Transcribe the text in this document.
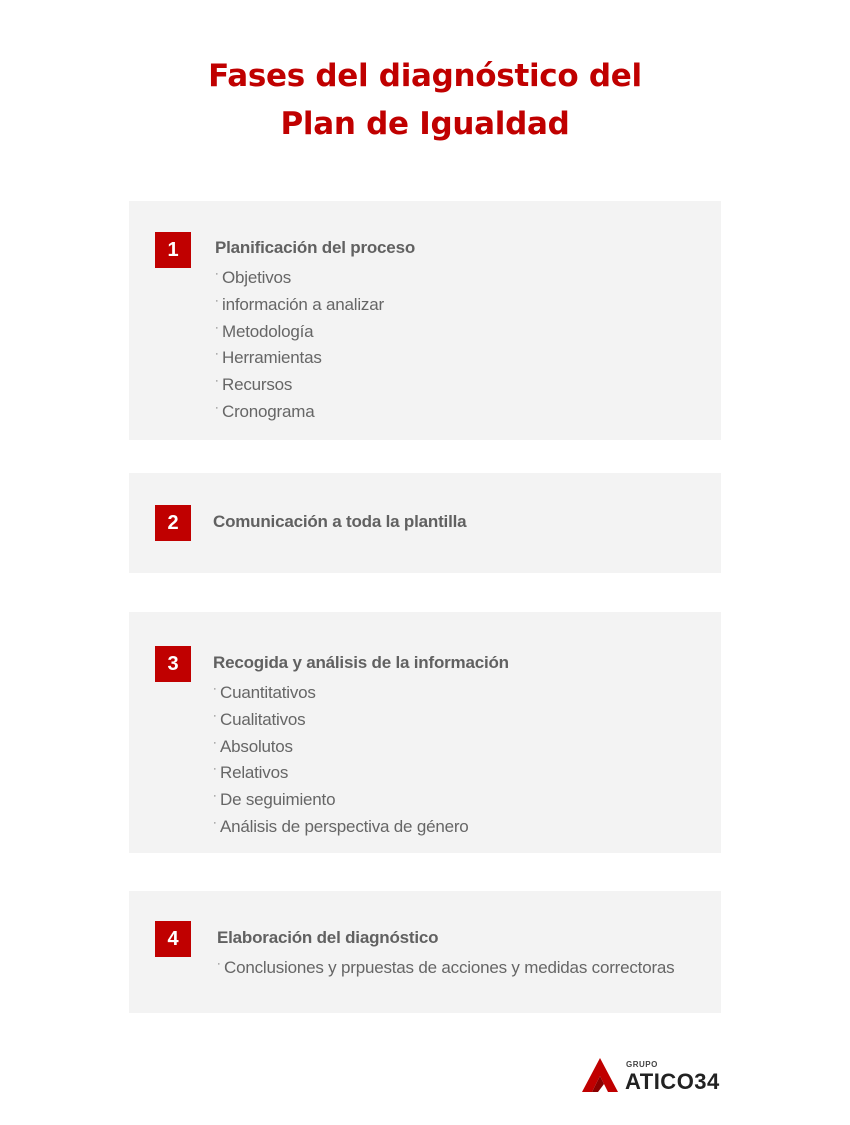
Fases del diagnóstico del
Plan de Igualdad
1	Planificación del proceso
· Objetivos
· información a analizar
· Metodología
· Herramientas
· Recursos
· Cronograma
2	Comunicación a toda la plantilla
3	Recogida y análisis de la información
· Cuantitativos
· Cualitativos
· Absolutos
· Relativos
· De seguimiento
· Análisis de perspectiva de género
4	Elaboración del diagnóstico
· Conclusiones y prpuestas de acciones y medidas correctoras
GRUPO
ATICO34
